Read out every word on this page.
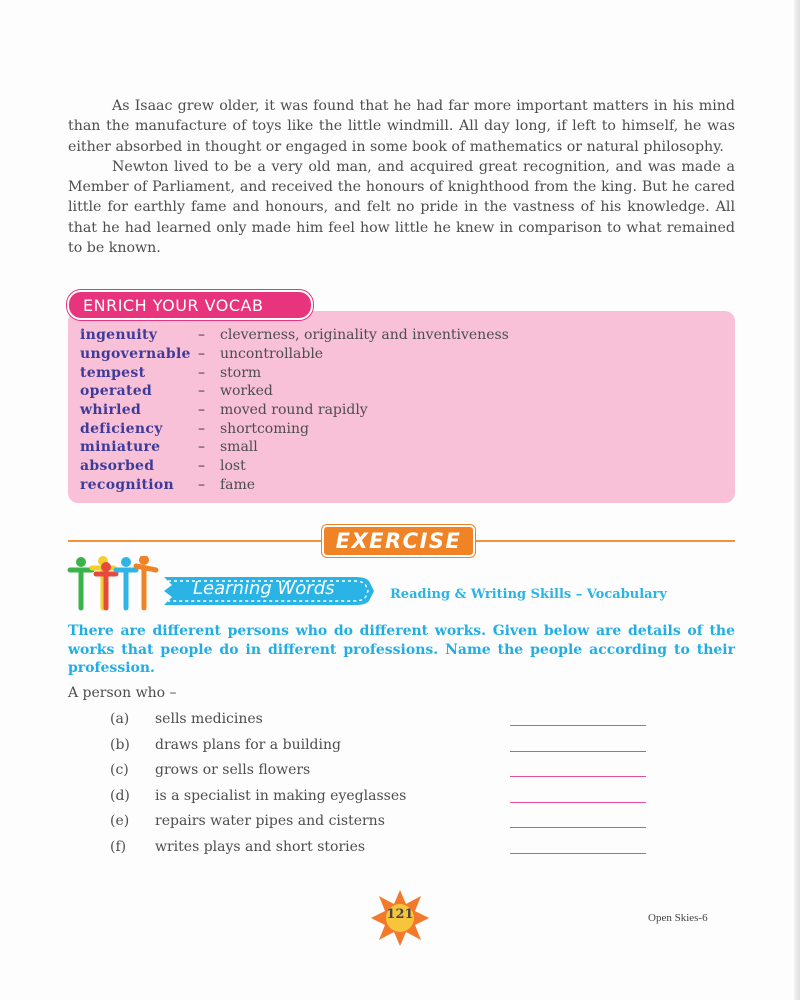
As Isaac grew older, it was found that he had far more important matters in his mind than the manufacture of toys like the little windmill. All day long, if left to himself, he was either absorbed in thought or engaged in some book of mathematics or natural philosophy.

Newton lived to be a very old man, and acquired great recognition, and was made a Member of Parliament, and received the honours of knighthood from the king. But he cared little for earthly fame and honours, and felt no pride in the vastness of his knowledge. All that he had learned only made him feel how little he knew in comparison to what remained to be known.

ENRICH YOUR VOCAB
ingenuity	–	cleverness, originality and inventiveness
ungovernable –	uncontrollable
tempest	–	storm
operated	–	worked
whirled	–	moved round rapidly
deficiency	–	shortcoming
miniature	–	small
absorbed	–	lost
recognition	–	fame
EXERCISE
Learning Words	Reading & Writing Skills – Vocabulary

There are different persons who do different works. Given below are details of the works that people do in different professions. Name the people according to their profession.

A person who –

(a) sells medicines
(b) draws plans for a building
(c) grows or sells flowers
(d) is a specialist in making eyeglasses
(e) repairs water pipes and cisterns
(f) writes plays and short stories
121	Open Skies-6
